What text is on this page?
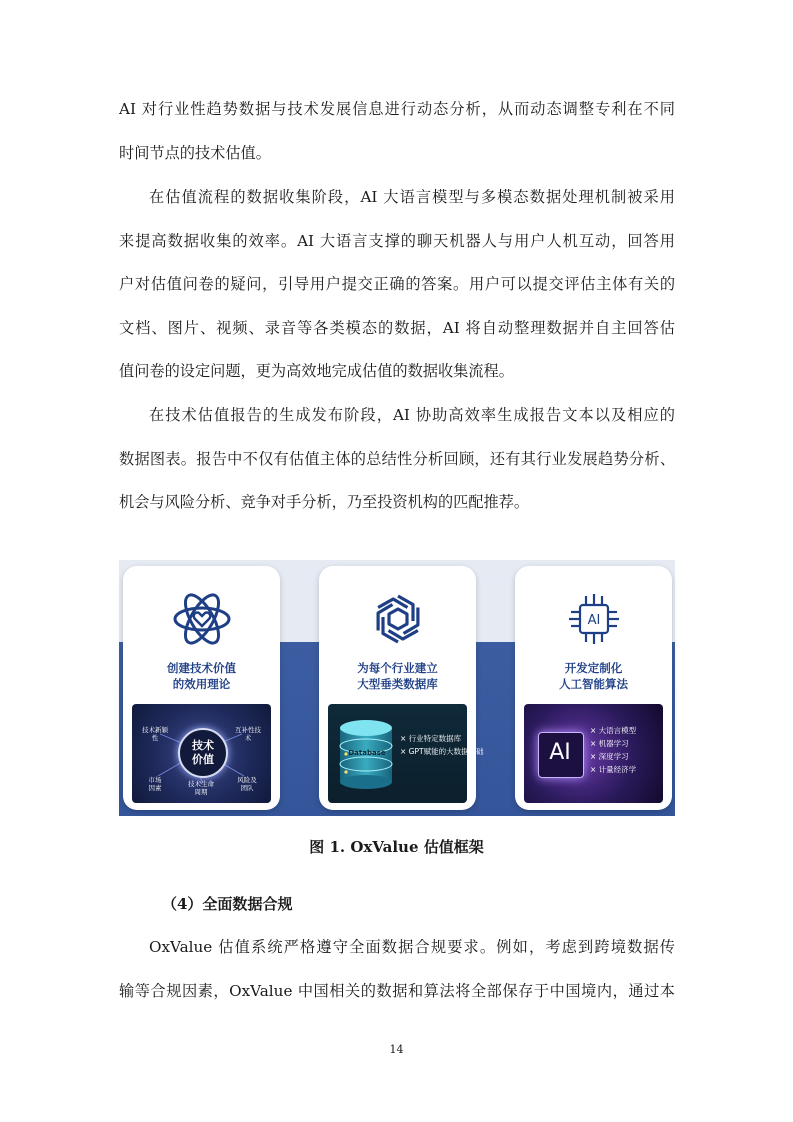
AI 对行业性趋势数据与技术发展信息进行动态分析，从而动态调整专利在不同
时间节点的技术估值。
在估值流程的数据收集阶段，AI 大语言模型与多模态数据处理机制被采用
来提高数据收集的效率。AI 大语言支撑的聊天机器人与用户人机互动，回答用
户对估值问卷的疑问，引导用户提交正确的答案。用户可以提交评估主体有关的
文档、图片、视频、录音等各类模态的数据，AI 将自动整理数据并自主回答估
值问卷的设定问题，更为高效地完成估值的数据收集流程。
在技术估值报告的生成发布阶段，AI 协助高效率生成报告文本以及相应的
数据图表。报告中不仅有估值主体的总结性分析回顾，还有其行业发展趋势分析、
机会与风险分析、竞争对手分析，乃至投资机构的匹配推荐。
创建技术价值
的效用理论
技术
价值
技术新颖性
互补性技术
市场因素	技术生命周期
风险及团队
为每个行业建立
大型垂类数据库
Database
× 行业特定数据库
× GPT赋能的大数据基础
AI
开发定制化
人工智能算法
AI
× 大语言模型
× 机器学习
× 深度学习
× 计量经济学
图 1. OxValue 估值框架
（4）全面数据合规
OxValue 估值系统严格遵守全面数据合规要求。例如，考虑到跨境数据传
输等合规因素，OxValue 中国相关的数据和算法将全部保存于中国境内，通过本
14
